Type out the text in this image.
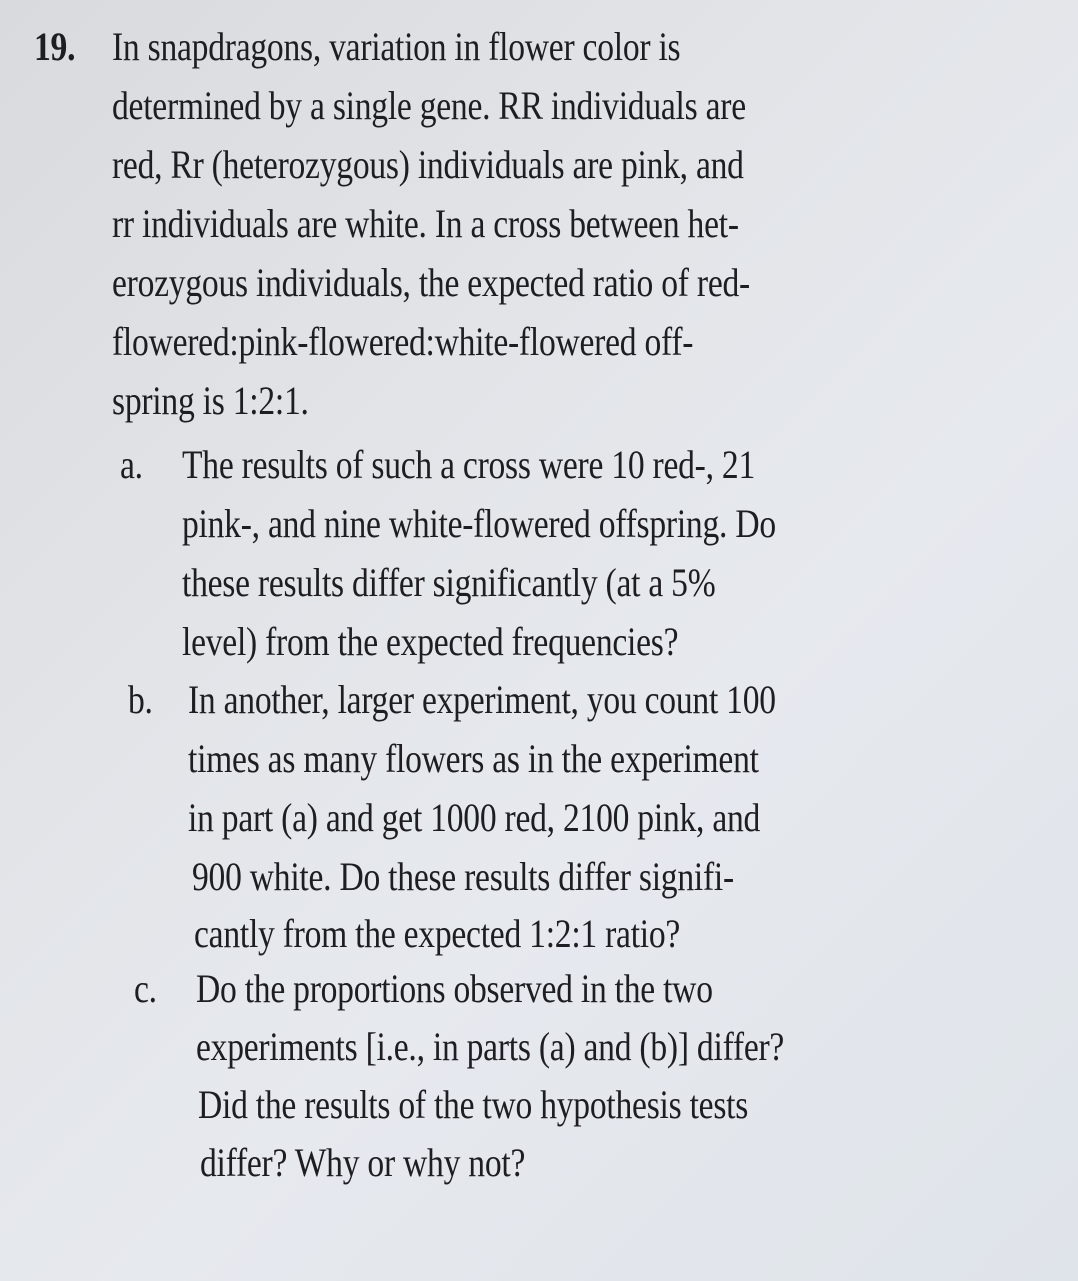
19. In snapdragons, variation in flower color is
determined by a single gene. RR individuals are
red, Rr (heterozygous) individuals are pink, and
rr individuals are white. In a cross between het-
erozygous individuals, the expected ratio of red-
flowered:pink-flowered:white-flowered off-
spring is 1:2:1.
a. The results of such a cross were 10 red-, 21
pink-, and nine white-flowered offspring. Do
these results differ significantly (at a 5%
level) from the expected frequencies?
b. In another, larger experiment, you count 100
times as many flowers as in the experiment
in part (a) and get 1000 red, 2100 pink, and
900 white. Do these results differ signifi-
cantly from the expected 1:2:1 ratio?
c. Do the proportions observed in the two
experiments [i.e., in parts (a) and (b)] differ?
Did the results of the two hypothesis tests
differ? Why or why not?
